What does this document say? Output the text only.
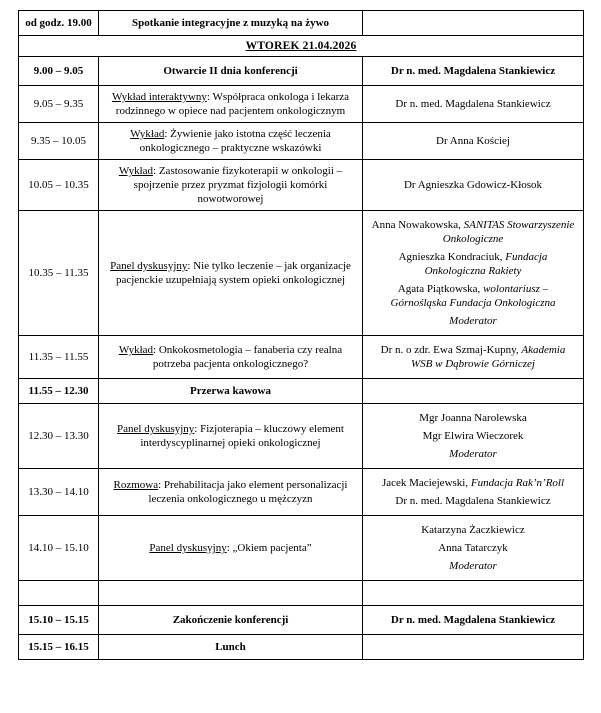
od godz. 19.00	Spotkanie integracyjne z muzyką na żywo	
WTOREK 21.04.2026		
9.00 – 9.05	Otwarcie II dnia konferencji	Dr n. med. Magdalena Stankiewicz

9.05 – 9.35	Wykład interaktywny: Współpraca onkologa i lekarza rodzinnego w opiece nad pacjentem onkologicznym	Dr n. med. Magdalena Stankiewicz

9.35 – 10.05	Wykład: Żywienie jako istotna część leczenia onkologicznego – praktyczne wskazówki	Dr Anna Kościej

10.05 – 10.35	Wykład: Zastosowanie fizykoterapii w onkologii – spojrzenie przez pryzmat fizjologii komórki nowotworowej	Dr Agnieszka Gdowicz-Kłosok

10.35 – 11.35	Panel dyskusyjny: Nie tylko leczenie – jak organizacje pacjenckie uzupełniają system opieki onkologicznej	Anna Nowakowska, SANITAS Stowarzyszenie Onkologiczne
Agnieszka Kondraciuk, Fundacja Onkologiczna Rakiety
Agata Piątkowska, wolontariusz – Górnośląska Fundacja Onkologiczna
Moderator

11.35 – 11.55	Wykład: Onkokosmetologia – fanaberia czy realna potrzeba pacjenta onkologicznego?	Dr n. o zdr. Ewa Szmaj-Kupny, Akademia WSB w Dąbrowie Górniczej

11.55 – 12.30	Przerwa kawowa	
12.30 – 13.30	Panel dyskusyjny: Fizjoterapia – kluczowy element interdyscyplinarnej opieki onkologicznej	Mgr Joanna Narolewska
Mgr Elwira Wieczorek
Moderator

13.30 – 14.10	Rozmowa: Prehabilitacja jako element personalizacji leczenia onkologicznego u mężczyzn	Jacek Maciejewski, Fundacja Rak’n’Roll
Dr n. med. Magdalena Stankiewicz

14.10 – 15.10	Panel dyskusyjny: „Okiem pacjenta”	Katarzyna Żaczkiewicz
Anna Tatarczyk
Moderator

15.10 – 15.15	Zakończenie konferencji	Dr n. med. Magdalena Stankiewicz

15.15 – 16.15	Lunch	
